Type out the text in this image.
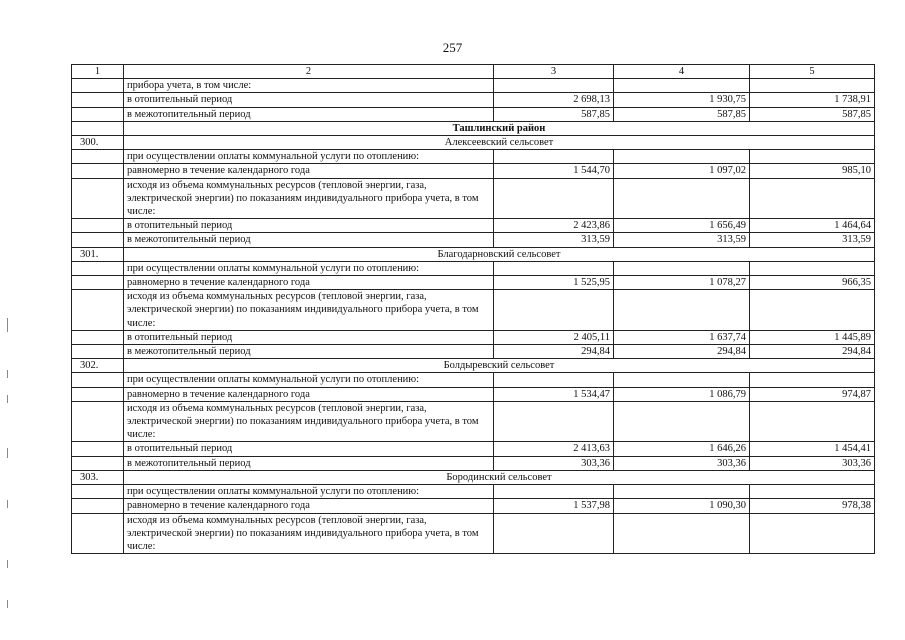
257
1	2	3	4	5
	прибора учета, в том числе:			
	в отопительный период	2 698,13	1 930,75	1 738,91
	в межотопительный период	587,85	587,85	587,85
	Ташлинский район			
300.	Алексеевский сельсовет			
	при осуществлении оплаты коммунальной услуги по отоплению:			
	равномерно в течение календарного года	1 544,70	1 097,02	985,10
	исходя из объема коммунальных ресурсов (тепловой энергии, газа, электрической энергии) по показаниям индивидуального прибора учета, в том числе:			
	в отопительный период	2 423,86	1 656,49	1 464,64
	в межотопительный период	313,59	313,59	313,59
301.	Благодарновский сельсовет			
	при осуществлении оплаты коммунальной услуги по отоплению:			
	равномерно в течение календарного года	1 525,95	1 078,27	966,35
	исходя из объема коммунальных ресурсов (тепловой энергии, газа, электрической энергии) по показаниям индивидуального прибора учета, в том числе:			
	в отопительный период	2 405,11	1 637,74	1 445,89
	в межотопительный период	294,84	294,84	294,84
302.	Болдыревский сельсовет			
	при осуществлении оплаты коммунальной услуги по отоплению:			
	равномерно в течение календарного года	1 534,47	1 086,79	974,87
	исходя из объема коммунальных ресурсов (тепловой энергии, газа, электрической энергии) по показаниям индивидуального прибора учета, в том числе:			
	в отопительный период	2 413,63	1 646,26	1 454,41
	в межотопительный период	303,36	303,36	303,36
303.	Бородинский сельсовет			
	при осуществлении оплаты коммунальной услуги по отоплению:			
	равномерно в течение календарного года	1 537,98	1 090,30	978,38
	исходя из объема коммунальных ресурсов (тепловой энергии, газа, электрической энергии) по показаниям индивидуального прибора учета, в том числе:			
